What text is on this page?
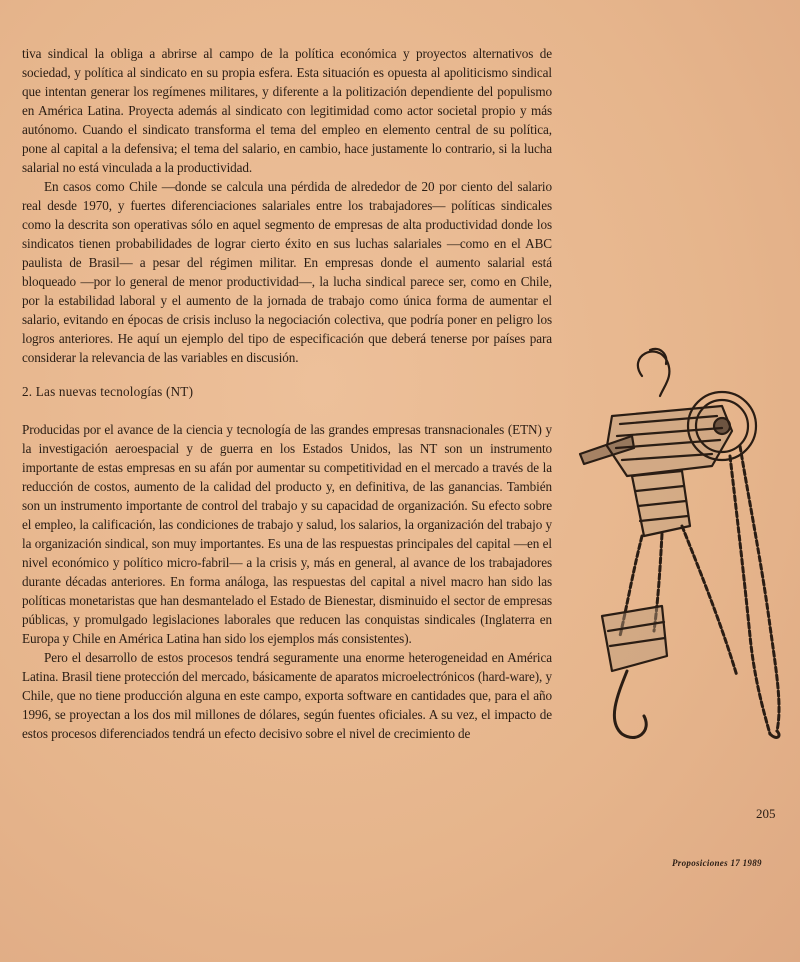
tiva sindical la obliga a abrirse al campo de la política económica y proyectos alternativos de sociedad, y política al sindicato en su propia esfera. Esta situación es opuesta al apoliticismo sindical que intentan generar los regímenes militares, y diferente a la politización dependiente del populismo en América Latina. Proyecta además al sindicato con legitimidad como actor societal propio y más autónomo. Cuando el sindicato transforma el tema del empleo en elemento central de su política, pone al capital a la defensiva; el tema del salario, en cambio, hace justamente lo contrario, si la lucha salarial no está vinculada a la productividad.

En casos como Chile —donde se calcula una pérdida de alrededor de 20 por ciento del salario real desde 1970, y fuertes diferenciaciones salariales entre los trabajadores— políticas sindicales como la descrita son operativas sólo en aquel segmento de empresas de alta productividad donde los sindicatos tienen probabilidades de lograr cierto éxito en sus luchas salariales —como en el ABC paulista de Brasil— a pesar del régimen militar. En empresas donde el aumento salarial está bloqueado —por lo general de menor productividad—, la lucha sindical parece ser, como en Chile, por la estabilidad laboral y el aumento de la jornada de trabajo como única forma de aumentar el salario, evitando en épocas de crisis incluso la negociación colectiva, que podría poner en peligro los logros anteriores. He aquí un ejemplo del tipo de especificación que deberá tenerse por países para considerar la relevancia de las variables en discusión.

2. Las nuevas tecnologías (NT)

Producidas por el avance de la ciencia y tecnología de las grandes empresas transnacionales (ETN) y la investigación aeroespacial y de guerra en los Estados Unidos, las NT son un instrumento importante de estas empresas en su afán por aumentar su competitividad en el mercado a través de la reducción de costos, aumento de la calidad del producto y, en definitiva, de las ganancias. También son un instrumento importante de control del trabajo y su capacidad de organización. Su efecto sobre el empleo, la calificación, las condiciones de trabajo y salud, los salarios, la organización del trabajo y la organización sindical, son muy importantes. Es una de las respuestas principales del capital —en el nivel económico y político micro-fabril— a la crisis y, más en general, al avance de los trabajadores durante décadas anteriores. En forma análoga, las respuestas del capital a nivel macro han sido las políticas monetaristas que han desmantelado el Estado de Bienestar, disminuido el sector de empresas públicas, y promulgado legislaciones laborales que reducen las conquistas sindicales (Inglaterra en Europa y Chile en América Latina han sido los ejemplos más consistentes).

Pero el desarrollo de estos procesos tendrá seguramente una enorme heterogeneidad en América Latina. Brasil tiene protección del mercado, básicamente de aparatos microelectrónicos (hard-ware), y Chile, que no tiene producción alguna en este campo, exporta software en cantidades que, para el año 1996, se proyectan a los dos mil millones de dólares, según fuentes oficiales. A su vez, el impacto de estos procesos diferenciados tendrá un efecto decisivo sobre el nivel de crecimiento de

205
Proposiciones 17 1989
